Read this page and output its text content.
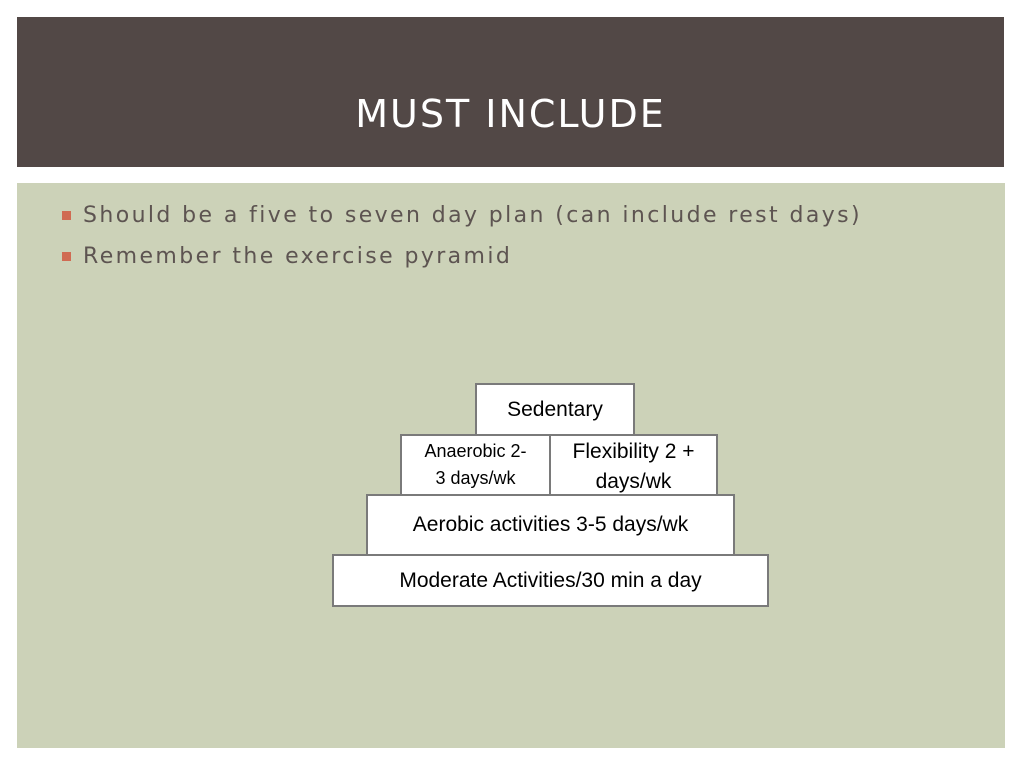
MUST INCLUDE
Should be a five to seven day plan (can include rest days)
Remember the exercise pyramid
Sedentary
Anaerobic 2-
3 days/wk
Flexibility 2 +
days/wk
Aerobic activities 3-5 days/wk
Moderate Activities/30 min a day
